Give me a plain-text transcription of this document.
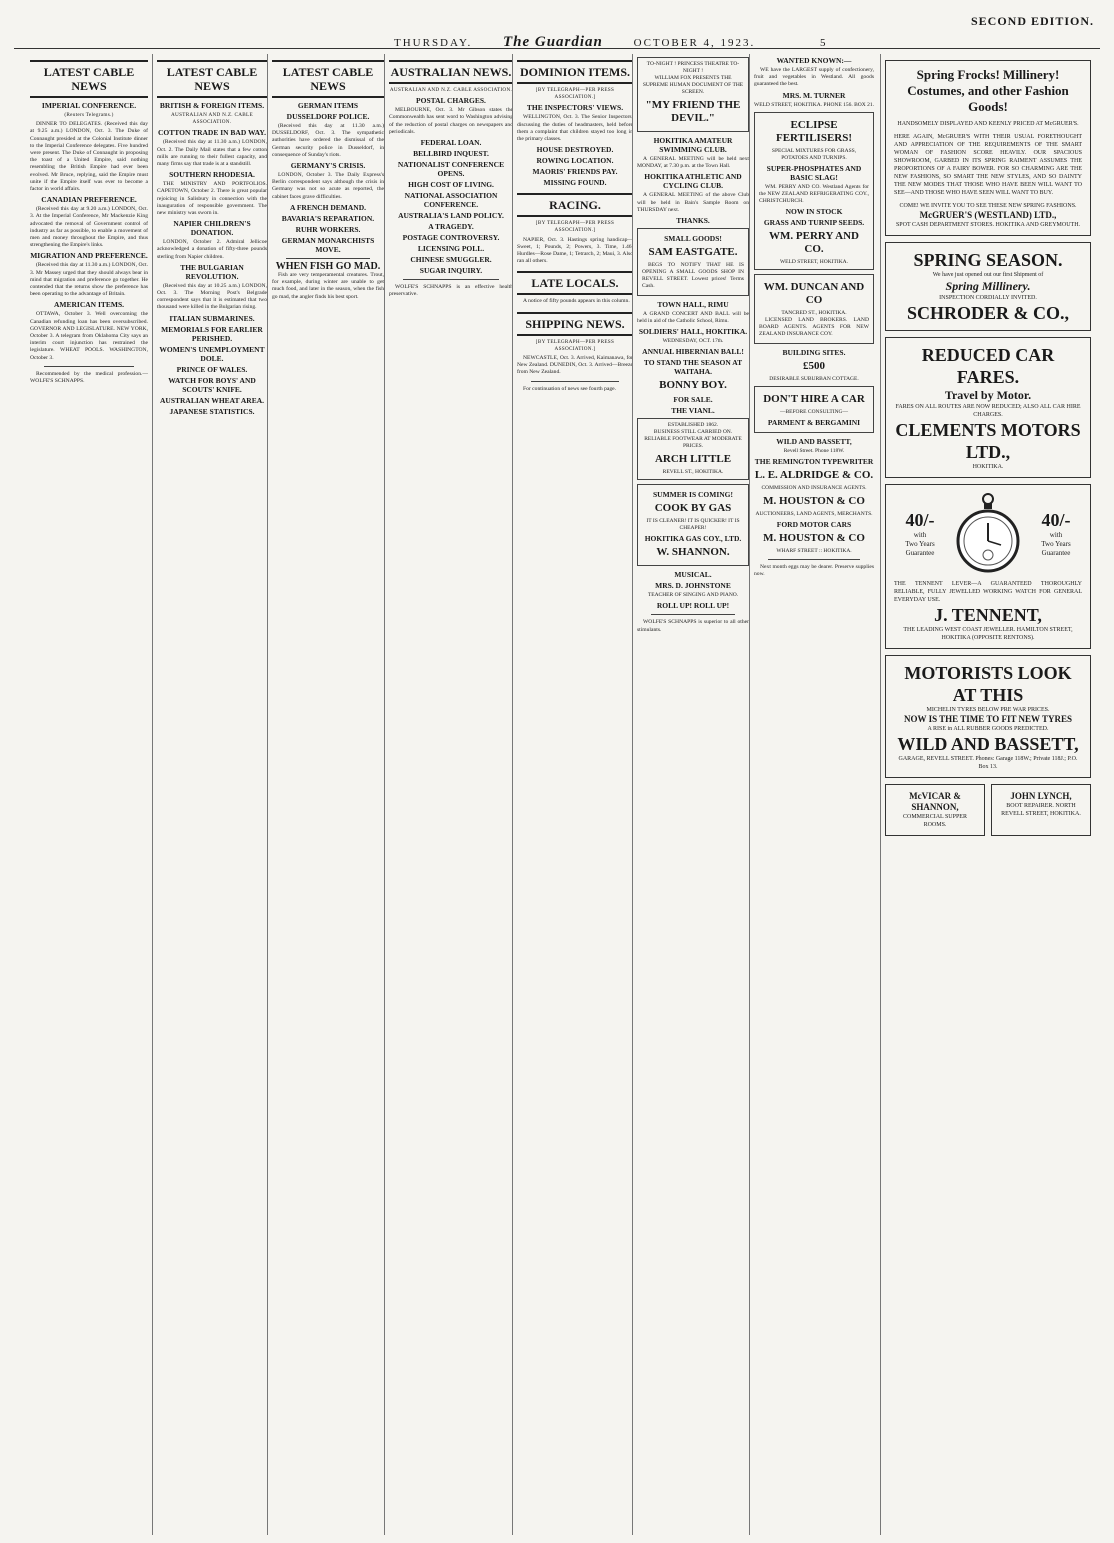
SECOND EDITION.
THURSDAY. The Guardian	OCTOBER 4, 1923.	5
LATEST CABLE NEWS
IMPERIAL CONFERENCE.
(Reuters Telegrams.)

DINNER TO DELEGATES. (Received this day at 9.25 a.m.) LONDON, Oct. 3. The Duke of Connaught presided at the Colonial Institute dinner to the Imperial Conference delegates. Five hundred were present. The Duke of Connaught in proposing the toast of a United Empire, said nothing resembling the British Empire had ever been evolved. Mr Bruce, replying, said the Empire must unite if the Empire itself was ever to become a factor in world affairs.

CANADIAN PREFERENCE.

(Received this day at 9.20 a.m.) LONDON, Oct. 3. At the Imperial Conference, Mr Mackenzie King advocated the removal of Government control of industry as far as possible, to enable a movement of men and money throughout the Empire, and thus strengthening the Empire's links.

MIGRATION AND PREFERENCE.

(Received this day at 11.30 a.m.) LONDON, Oct. 3. Mr Massey urged that they should always bear in mind that migration and preference go together. He contended that the returns show the preference has been operating to the advantage of Britain.

AMERICAN ITEMS.

OTTAWA, October 3. Well overcoming the Canadian refunding loan has been oversubscribed. GOVERNOR AND LEGISLATURE. NEW YORK, October 3. A telegram from Oklahoma City says an interim court injunction has restrained the legislature. WHEAT POOLS. WASHINGTON, October 3.

Recommended by the medical profession.—WOLFE'S SCHNAPPS.

LATEST CABLE NEWS
BRITISH & FOREIGN ITEMS.
AUSTRALIAN AND N.Z. CABLE ASSOCIATION.
COTTON TRADE IN BAD WAY.

(Received this day at 11.30 a.m.) LONDON, Oct. 2. The Daily Mail states that a few cotton mills are running to their fullest capacity, and many firms say that trade is at a standstill.

SOUTHERN RHODESIA.

THE MINISTRY AND PORTFOLIOS. CAPETOWN, October 2. There is great popular rejoicing in Salisbury in connection with the inauguration of responsible government. The new ministry was sworn in.

NAPIER CHILDREN'S DONATION.

LONDON, October 2. Admiral Jellicoe acknowledged a donation of fifty-three pounds sterling from Napier children.

THE BULGARIAN REVOLUTION.

(Received this day at 10.25 a.m.) LONDON, Oct. 3. The Morning Post's Belgrade correspondent says that it is estimated that two thousand were killed in the Bulgarian rising.

ITALIAN SUBMARINES.
MEMORIALS FOR EARLIER PERISHED.
WOMEN'S UNEMPLOYMENT DOLE.
PRINCE OF WALES.
WATCH FOR BOYS' AND SCOUTS' KNIFE.
AUSTRALIAN WHEAT AREA.
JAPANESE STATISTICS.
LATEST CABLE NEWS
GERMAN ITEMS
DUSSELDORF POLICE.

(Received this day at 11.30 a.m.) DUSSELDORF, Oct. 3. The sympathetic authorities have ordered the dismissal of the German security police in Dusseldorf, in consequence of Sunday's riots.

GERMANY'S CRISIS.

LONDON, October 3. The Daily Express's Berlin correspondent says although the crisis in Germany was not so acute as reported, the cabinet faces grave difficulties.

A FRENCH DEMAND.
BAVARIA'S REPARATION.
RUHR WORKERS.
GERMAN MONARCHISTS MOVE.
WHEN FISH GO MAD.

Fish are very temperamental creatures. Trout, for example, during winter are unable to get much food, and later in the season, when the fish go mad, the angler finds his best sport.

AUSTRALIAN NEWS.
AUSTRALIAN AND N.Z. CABLE ASSOCIATION.
POSTAL CHARGES.

MELBOURNE, Oct. 3. Mr Gibson states the Commonwealth has sent word to Washington advising of the reduction of postal charges on newspapers and periodicals.

FEDERAL LOAN.
BELLBIRD INQUEST.
NATIONALIST CONFERENCE OPENS.
HIGH COST OF LIVING.
NATIONAL ASSOCIATION CONFERENCE.
AUSTRALIA'S LAND POLICY.
A TRAGEDY.
POSTAGE CONTROVERSY.
LICENSING POLL.
CHINESE SMUGGLER.
SUGAR INQUIRY.

WOLFE'S SCHNAPPS is an effective health preservative.

DOMINION ITEMS.
[BY TELEGRAPH—PER PRESS ASSOCIATION.]
THE INSPECTORS' VIEWS.

WELLINGTON, Oct. 3. The Senior Inspectors, discussing the duties of headmasters, held before them a complaint that children stayed too long in the primary classes.

HOUSE DESTROYED.
ROWING LOCATION.
MAORIS' FRIENDS PAY.
MISSING FOUND.
RACING.
[BY TELEGRAPH—PER PRESS ASSOCIATION.]

NAPIER, Oct. 3. Hastings spring handicap—Sweet, 1; Pounds, 2; Powers, 3. Time, 1.46. Hurdles—Rose Dame, 1; Tetrarch, 2; Maui, 3. Also ran all others.

LATE LOCALS.

A notice of fifty pounds appears in this column.

SHIPPING NEWS.
[BY TELEGRAPH—PER PRESS ASSOCIATION.]

NEWCASTLE, Oct. 3. Arrived, Kaimanawa, for New Zealand. DUNEDIN, Oct. 3. Arrived—Breeze from New Zealand.

For continuation of news see fourth page.

TO-NIGHT ! PRINCESS THEATRE TO-NIGHT !
WILLIAM FOX PRESENTS THE SUPREME HUMAN DOCUMENT OF THE SCREEN.
"MY FRIEND THE DEVIL."
HOKITIKA AMATEUR SWIMMING CLUB.

A GENERAL MEETING will be held next MONDAY, at 7.30 p.m. at the Town Hall.

HOKITIKA ATHLETIC AND CYCLING CLUB.

A GENERAL MEETING of the above Club will be held in Bain's Sample Room on THURSDAY next.

THANKS.
SMALL GOODS!
SAM EASTGATE.

BEGS TO NOTIFY THAT HE IS OPENING A SMALL GOODS SHOP IN REVELL STREET. Lowest prices! Terms Cash.

TOWN HALL, RIMU

A GRAND CONCERT AND BALL will be held in aid of the Catholic School, Rimu.

SOLDIERS' HALL, HOKITIKA.
WEDNESDAY, OCT. 17th.
ANNUAL HIBERNIAN BALL!
TO STAND THE SEASON AT WAITAHA.
BONNY BOY.
FOR SALE.
THE VIANL.
ESTABLISHED 1862.
BUSINESS STILL CARRIED ON.
RELIABLE FOOTWEAR AT MODERATE PRICES.
ARCH LITTLE
REVELL ST., HOKITIKA.
SUMMER IS COMING!
COOK BY GAS
IT IS CLEANER! IT IS QUICKER! IT IS CHEAPER!
HOKITIKA GAS COY., LTD.
W. SHANNON.
MUSICAL.
MRS. D. JOHNSTONE
TEACHER OF SINGING AND PIANO.
ROLL UP! ROLL UP!

WOLFE'S SCHNAPPS is superior to all other stimulants.

WANTED KNOWN:—

WE have the LARGEST supply of confectionery, fruit and vegetables in Westland. All goods guaranteed the best.

MRS. M. TURNER
WELD STREET, HOKITIKA. PHONE 156. BOX 21.
ECLIPSE FERTILISERS!
SPECIAL MIXTURES FOR GRASS, POTATOES AND TURNIPS.
SUPER-PHOSPHATES AND BASIC SLAG!

WM. PERRY AND CO. Westland Agents for the NEW ZEALAND REFRIGERATING COY., CHRISTCHURCH.

NOW IN STOCK
GRASS AND TURNIP SEEDS.
WM. PERRY AND CO.
WELD STREET, HOKITIKA.
WM. DUNCAN AND CO
TANCRED ST., HOKITIKA.

LICENSED LAND BROKERS. LAND BOARD AGENTS. AGENTS FOR NEW ZEALAND INSURANCE COY.

BUILDING SITES.
£500
DESIRABLE SUBURBAN COTTAGE.
DON'T HIRE A CAR
—BEFORE CONSULTING—
PARMENT & BERGAMINI
WILD AND BASSETT,
Revell Street. Phone 118W.
THE REMINGTON TYPEWRITER
L. E. ALDRIDGE & CO.
COMMISSION AND INSURANCE AGENTS.
M. HOUSTON & CO
AUCTIONEERS, LAND AGENTS, MERCHANTS.
FORD MOTOR CARS
M. HOUSTON & CO
WHARF STREET :: HOKITIKA.

Next month eggs may be dearer. Preserve supplies now.

Spring Frocks! Millinery!
Costumes, and other Fashion Goods!
HANDSOMELY DISPLAYED AND KEENLY PRICED AT McGRUER'S.
HERE AGAIN, McGRUER'S WITH THEIR USUAL FORETHOUGHT AND APPRECIATION OF THE REQUIREMENTS OF THE SMART WOMAN OF FASHION SCORE HEAVILY. OUR SPACIOUS SHOWROOM, GARBED IN ITS SPRING RAIMENT ASSUMES THE PROPORTIONS OF A FAIRY BOWER. FOR SO CHARMING ARE THE NEW FASHIONS, SO SMART THE NEW STYLES, AND SO DAINTY THE NEW MODES THAT THOSE WHO HAVE BEEN WILL WANT TO SEE—AND THOSE WHO HAVE SEEN WILL WANT TO BUY.
COME! WE INVITE YOU TO SEE THESE NEW SPRING FASHIONS.
McGRUER'S (WESTLAND) LTD.,
SPOT CASH DEPARTMENT STORES. HOKITIKA AND GREYMOUTH.
SPRING SEASON.
We have just opened out our first Shipment of
Spring Millinery.
INSPECTION CORDIALLY INVITED.
SCHRODER & CO.,
REDUCED CAR FARES.
Travel by Motor.
FARES ON ALL ROUTES ARE NOW REDUCED; ALSO ALL CAR HIRE CHARGES.
CLEMENTS MOTORS LTD.,
HOKITIKA.
40/-
with
Two Years Guarantee
40/-
with
Two Years Guarantee
THE TENNENT LEVER—A GUARANTEED THOROUGHLY RELIABLE, FULLY JEWELLED WORKING WATCH FOR GENERAL EVERYDAY USE.
J. TENNENT,
THE LEADING WEST COAST JEWELLER. HAMILTON STREET, HOKITIKA (OPPOSITE RENTONS).
MOTORISTS LOOK AT THIS
MICHELIN TYRES BELOW PRE WAR PRICES.
NOW IS THE TIME TO FIT NEW TYRES
A RISE in ALL RUBBER GOODS PREDICTED.
WILD AND BASSETT,
GARAGE, REVELL STREET. Phones: Garage 118W.; Private 118J.; P.O. Box 13.
McVICAR & SHANNON,
COMMERCIAL SUPPER ROOMS.
JOHN LYNCH,
BOOT REPAIRER. NORTH REVELL STREET, HOKITIKA.
